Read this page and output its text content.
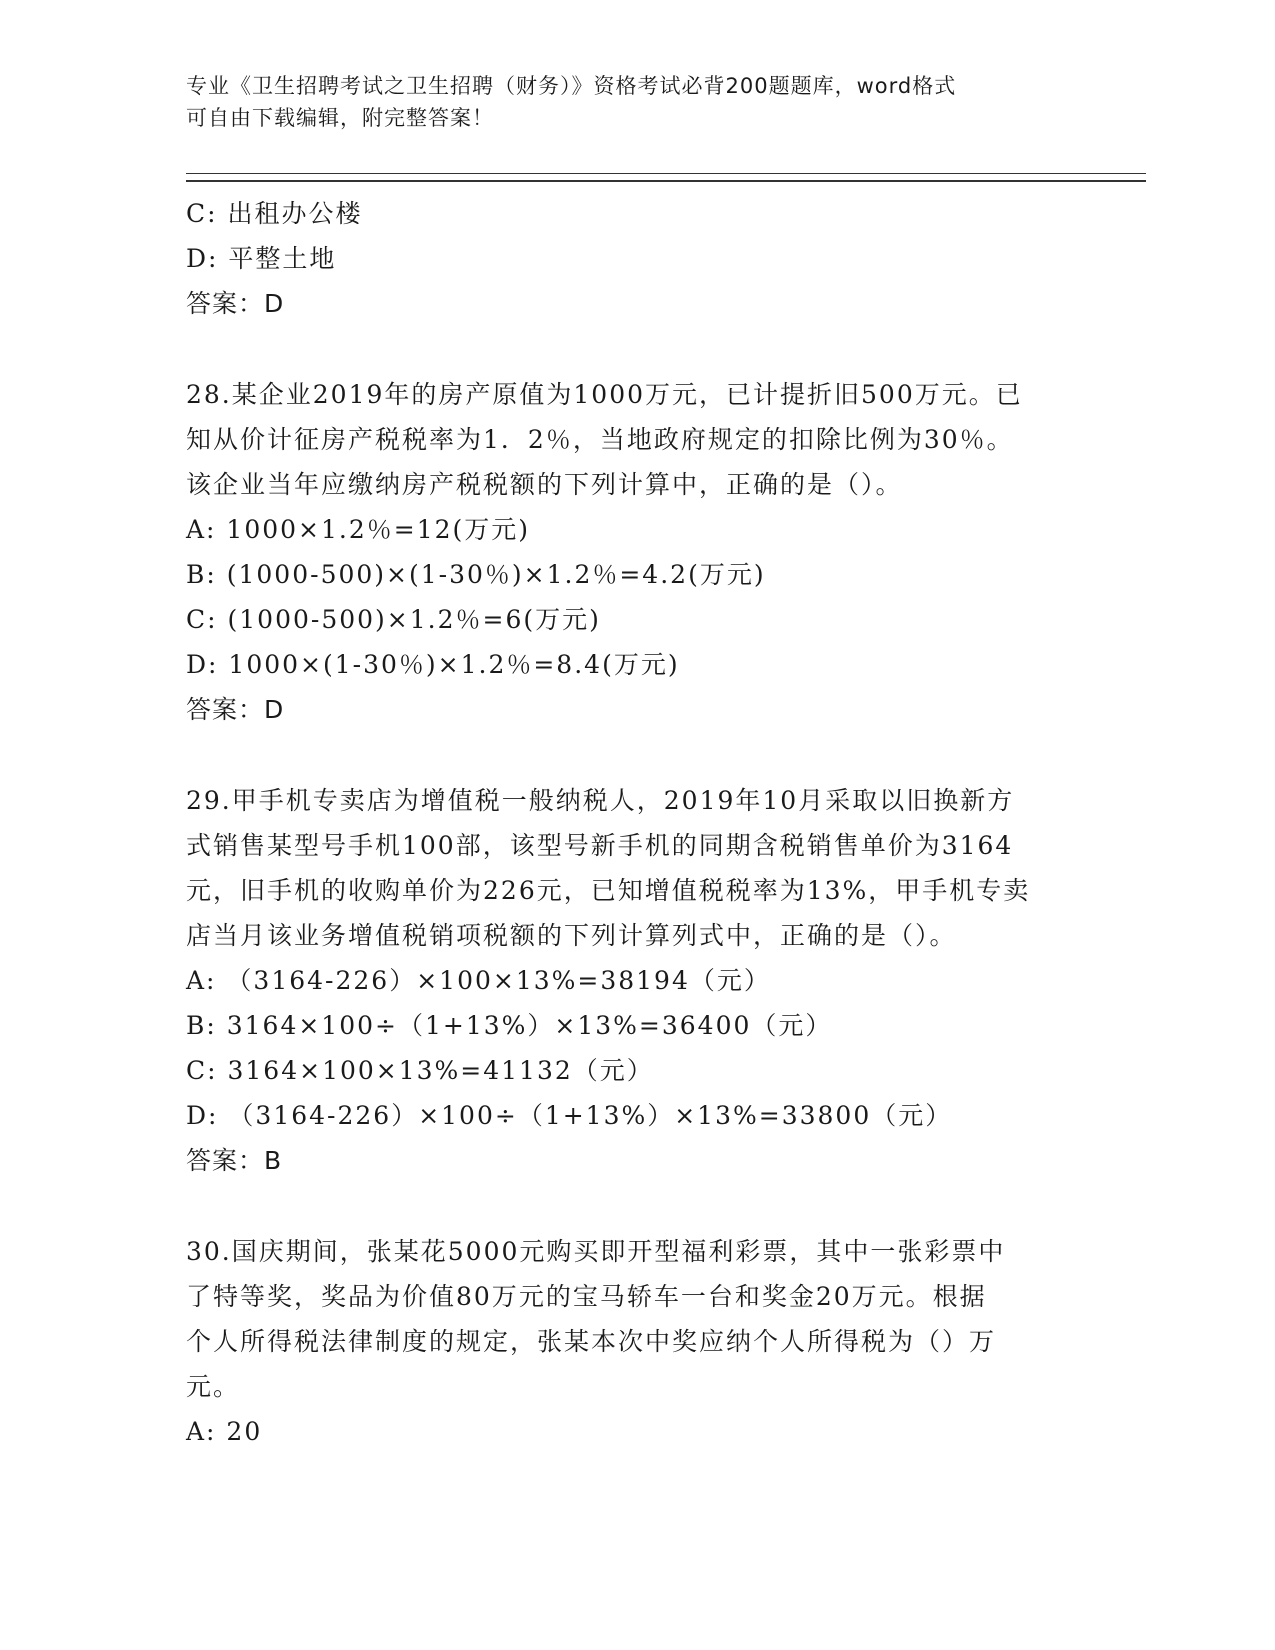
专业《卫生招聘考试之卫生招聘（财务）》资格考试必背200题题库，word格式
可自由下载编辑，附完整答案！
C: 出租办公楼
D: 平整土地
答案：D
28.某企业2019年的房产原值为1000万元，已计提折旧500万元。已
知从价计征房产税税率为1．2％，当地政府规定的扣除比例为30％。
该企业当年应缴纳房产税税额的下列计算中，正确的是（）。
A: 1000×1.2％=12(万元)
B: (1000-500)×(1-30％)×1.2％=4.2(万元)
C: (1000-500)×1.2％=6(万元)
D: 1000×(1-30％)×1.2％=8.4(万元)
答案：D
29.甲手机专卖店为增值税一般纳税人，2019年10月采取以旧换新方
式销售某型号手机100部，该型号新手机的同期含税销售单价为3164
元，旧手机的收购单价为226元，已知增值税税率为13%，甲手机专卖
店当月该业务增值税销项税额的下列计算列式中，正确的是（）。
A: （3164-226）×100×13%=38194（元）
B: 3164×100÷（1+13%）×13%=36400（元）
C: 3164×100×13%=41132（元）
D: （3164-226）×100÷（1+13%）×13%=33800（元）
答案：B
30.国庆期间，张某花5000元购买即开型福利彩票，其中一张彩票中
了特等奖，奖品为价值80万元的宝马轿车一台和奖金20万元。根据
个人所得税法律制度的规定，张某本次中奖应纳个人所得税为（）万
元。
A: 20
